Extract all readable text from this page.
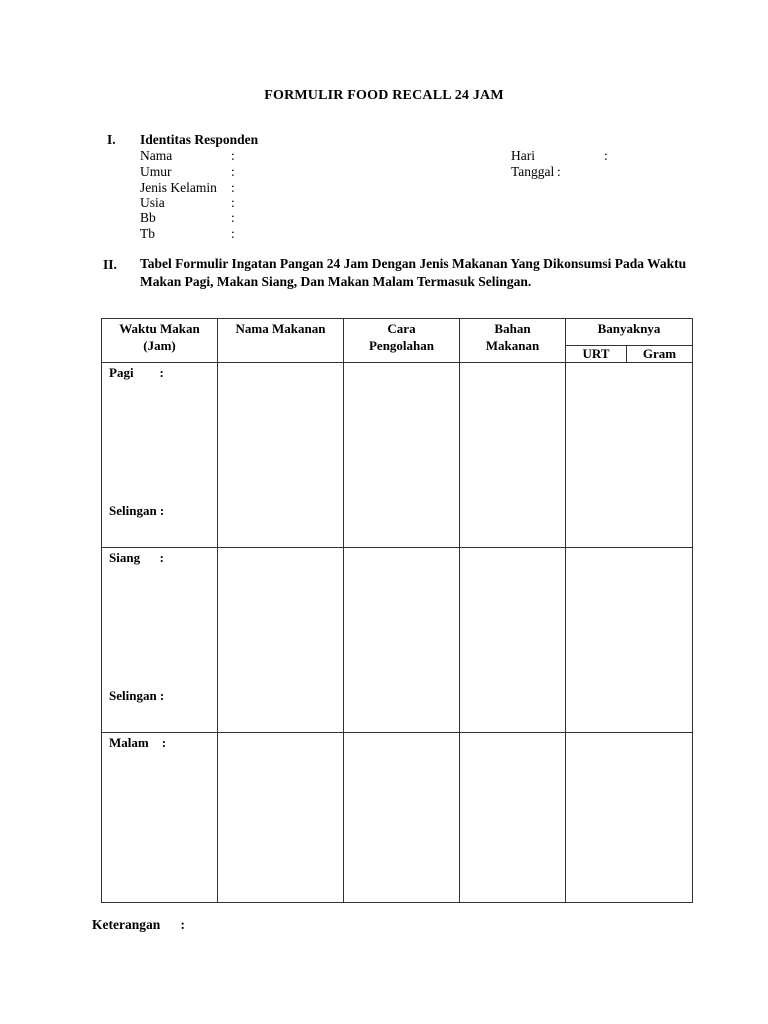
FORMULIR FOOD RECALL 24 JAM
I. Identitas Responden
Nama	:
Umur	:
Jenis Kelamin :
Usia	:
Bb	:
Tb	:
Hari	:
Tanggal :
II. Tabel Formulir Ingatan Pangan 24 Jam Dengan Jenis Makanan Yang Dikonsumsi Pada Waktu Makan Pagi, Makan Siang, Dan Makan Malam Termasuk Selingan.
Waktu Makan (Jam)	Nama Makanan	Cara Pengolahan	Bahan Makanan	Banyaknya	
				URT	Gram

Pagi        :
Selingan :					

Siang      :
Selingan :					

Malam    :					

Keterangan      :
